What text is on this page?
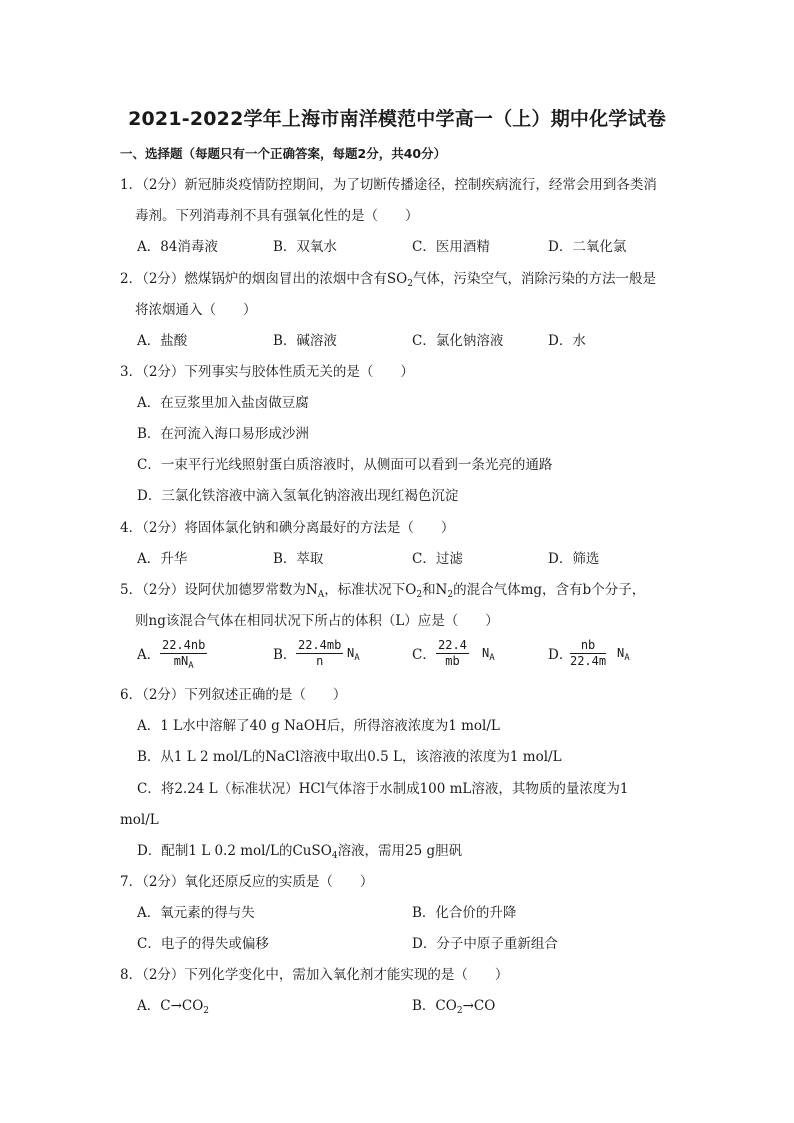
2021-2022学年上海市南洋模范中学高一（上）期中化学试卷
一、选择题（每题只有一个正确答案，每题2分，共40分）
1．（2分）新冠肺炎疫情防控期间，为了切断传播途径，控制疾病流行，经常会用到各类消
毒剂。下列消毒剂不具有强氧化性的是（　　）
A．84消毒液	B．双氧水	C．医用酒精	D．二氧化氯
2．（2分）燃煤锅炉的烟囱冒出的浓烟中含有$SO_2$气体，污染空气，消除污染的方法一般是
将浓烟通入（　　）
A．盐酸	B．碱溶液	C．氯化钠溶液	D．水
3．（2分）下列事实与胶体性质无关的是（　　）
A．在豆浆里加入盐卤做豆腐
B．在河流入海口易形成沙洲
C．一束平行光线照射蛋白质溶液时，从侧面可以看到一条光亮的通路
D．三氯化铁溶液中滴入氢氧化钠溶液出现红褐色沉淀
4．（2分）将固体氯化钠和碘分离最好的方法是（　　）
A．升华	B．萃取	C．过滤	D．筛选
5．（2分）设阿伏加德罗常数为$N_A$，标准状况下$O_2$和$N_2$的混合气体mg，含有b个分子，
则ng该混合气体在相同状况下所占的体积（L）应是（　　）
A．
22.4nb
$mN_A$
B． $\frac{22.4mb}{n} N_A$	C． $\frac{22.4}{mb} N_A$	D．
$\frac{nb}{22.4m} N_A$
6．（2分）下列叙述正确的是（　　）
A．1 L水中溶解了40 g NaOH后，所得溶液浓度为1 mol/L
B．从1 L 2 mol/L的NaCl溶液中取出0.5 L，该溶液的浓度为1 mol/L
C．将2.24 L（标准状况）HCl气体溶于水制成100 mL溶液，其物质的量浓度为1
mol/L
D．配制1 L 0.2 mol/L的CuSO$_4$溶液，需用25 g胆矾
7．（2分）氧化还原反应的实质是（　　）
A．氧元素的得与失	B．化合价的升降
C．电子的得失或偏移	D．分子中原子重新组合
8．（2分）下列化学变化中，需加入氧化剂才能实现的是（　　）
A．$C\to CO_2$	B．$CO_2\to CO$
